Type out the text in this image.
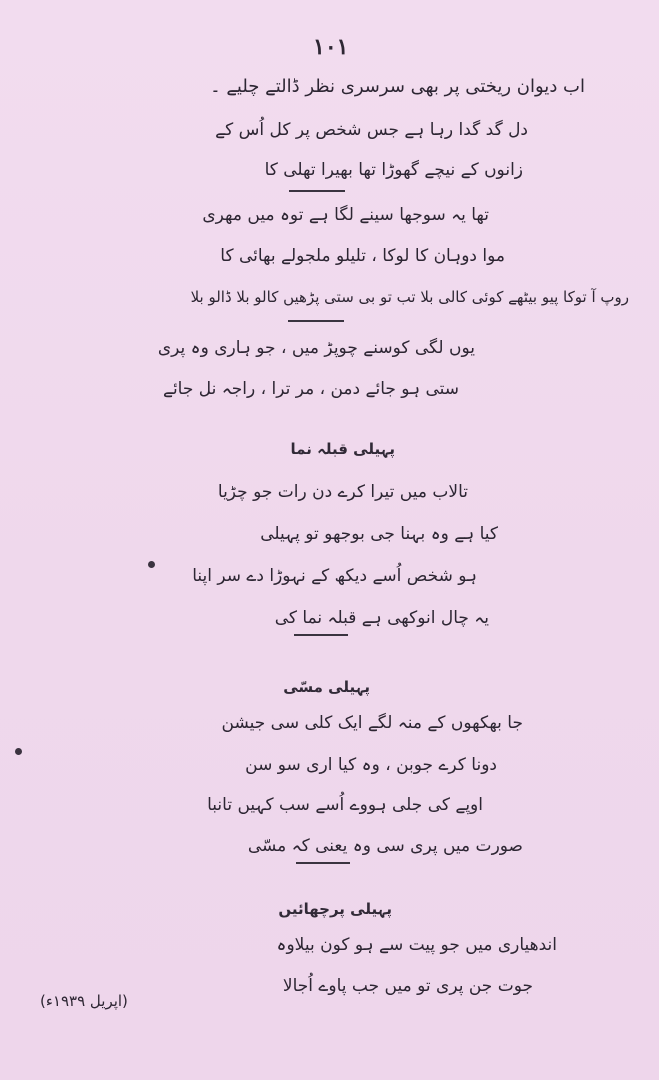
١٠١
اب دیوان ریختی پر بھی سرسری نظر ڈالتے چلیے ۔
دل گد گدا رہا ہے جس شخص پر کل اُس کے
زانوں کے نیچے گھوڑا تھا بھیرا تھلی کا
تھا یہ سوجھا سینے لگا ہے توہ میں مهری
موا دوہان کا لوکا ، تلیلو ملجولے بھائی کا
روپ آ توکا پیو بیٹھے کوئی کالی بلا تب تو بی ستی پڑھیں کالو بلا ڈالو بلا
یوں لگی کوسنے چوپڑ میں ، جو ہاری وہ پری
ستی ہو جائے دمن ، مر ترا ، راجہ نل جائے
پہیلی قبلہ نما
تالاب میں تیرا کرے دن رات جو چڑیا
کیا ہے وہ بہنا جی بوجھو تو پہیلی
ہو شخص اُسے دیکھ کے نہوڑا دے سر اپنا
یہ چال انوکھی ہے قبلہ نما کی
پہیلی مسّی
جا بھکھوں کے منہ لگے ایک کلی سی جیشن
دونا کرے جوبن ، وہ کیا اری سو سن
اوپے کی جلی ہووے اُسے سب کہیں تانبا
صورت میں پری سی وہ یعنی کہ مسّی
پہیلی پرچھائیں
اندھیاری میں جو پیت سے ہو کون بیلاوہ
جوت جن پری تو میں جب پاوے اُجالا
(اپریل ١٩٣٩ء)
